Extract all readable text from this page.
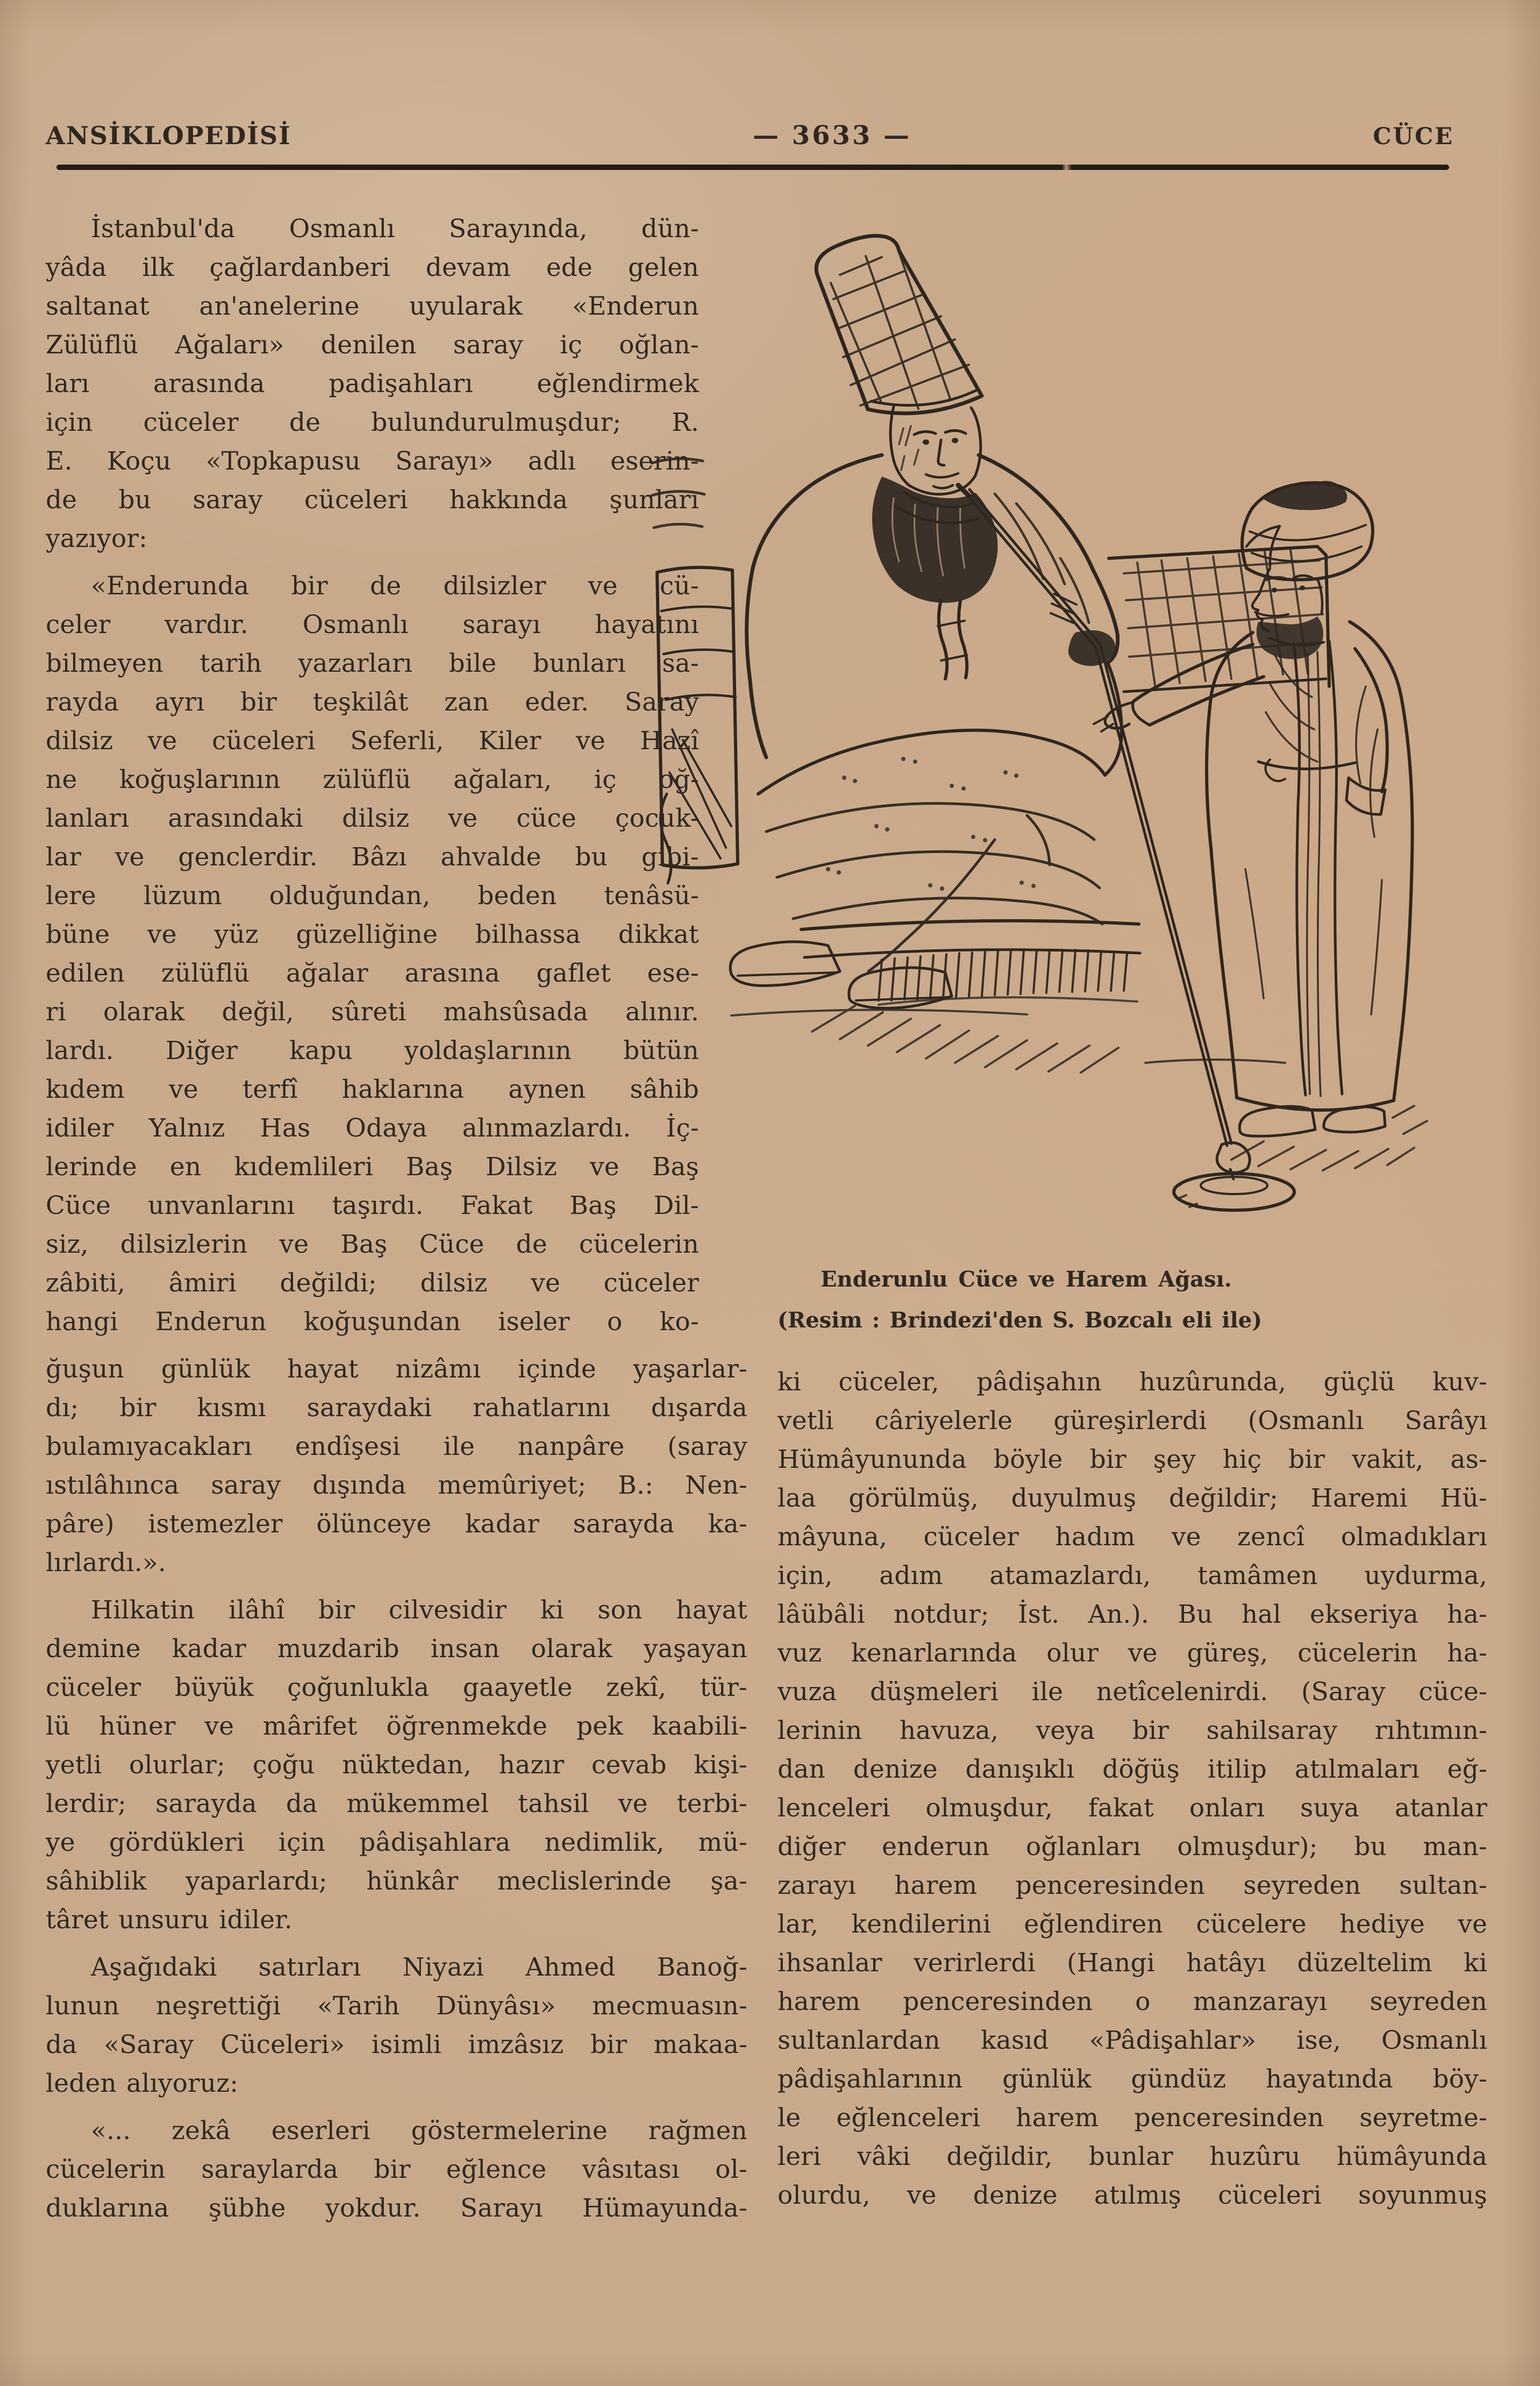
ANSİKLOPEDİSİ	— 3633 —	CÜCE
İstanbul'da Osmanlı Sarayında, dün-
yâda ilk çağlardanberi devam ede gelen
saltanat an'anelerine uyularak «Enderun
Zülüflü Ağaları» denilen saray iç oğlan-
ları arasında padişahları eğlendirmek
için cüceler de bulundurulmuşdur; R.
E. Koçu «Topkapusu Sarayı» adlı eserin-
de bu saray cüceleri hakkında şunları
yazıyor:
«Enderunda bir de dilsizler ve cü-
celer vardır. Osmanlı sarayı hayatını
bilmeyen tarih yazarları bile bunları sa-
rayda ayrı bir teşkilât zan eder. Saray
dilsiz ve cüceleri Seferli, Kiler ve Hazî
ne koğuşlarının zülüflü ağaları, iç oğ-
lanları arasındaki dilsiz ve cüce çocuk-
lar ve genclerdir. Bâzı ahvalde bu gibi-
lere lüzum olduğundan, beden tenâsü-
büne ve yüz güzelliğine bilhassa dikkat
edilen zülüflü ağalar arasına gaflet ese-
ri olarak değil, sûreti mahsûsada alınır.
lardı. Diğer kapu yoldaşlarının bütün
kıdem ve terfî haklarına aynen sâhib
idiler Yalnız Has Odaya alınmazlardı. İç-
lerinde en kıdemlileri Baş Dilsiz ve Baş
Cüce unvanlarını taşırdı. Fakat Baş Dil-
siz, dilsizlerin ve Baş Cüce de cücelerin
zâbiti, âmiri değildi; dilsiz ve cüceler
hangi Enderun koğuşundan iseler o ko-
ğuşun günlük hayat nizâmı içinde yaşarlar-
dı; bir kısmı saraydaki rahatlarını dışarda
bulamıyacakları endîşesi ile nanpâre (saray
ıstılâhınca saray dışında memûriyet; B.: Nen-
pâre) istemezler ölünceye kadar sarayda ka-
lırlardı.».
Hilkatin ilâhî bir cilvesidir ki son hayat
demine kadar muzdarib insan olarak yaşayan
cüceler büyük çoğunlukla gaayetle zekî, tür-
lü hüner ve mârifet öğrenmekde pek kaabili-
yetli olurlar; çoğu nüktedan, hazır cevab kişi-
lerdir; sarayda da mükemmel tahsil ve terbi-
ye gördükleri için pâdişahlara nedimlik, mü-
sâhiblik yaparlardı; hünkâr meclislerinde şa-
târet unsuru idiler.
Aşağıdaki satırları Niyazi Ahmed Banoğ-
lunun neşrettiği «Tarih Dünyâsı» mecmuasın-
da «Saray Cüceleri» isimli imzâsız bir makaa-
leden alıyoruz:
«... zekâ eserleri göstermelerine rağmen
cücelerin saraylarda bir eğlence vâsıtası ol-
duklarına şübhe yokdur. Sarayı Hümayunda-
Enderunlu Cüce ve Harem Ağası.
(Resim : Brindezi'den S. Bozcalı eli ile)
ki cüceler, pâdişahın huzûrunda, güçlü kuv-
vetli câriyelerle güreşirlerdi (Osmanlı Sarâyı
Hümâyununda böyle bir şey hiç bir vakit, as-
laa görülmüş, duyulmuş değildir; Haremi Hü-
mâyuna, cüceler hadım ve zencî olmadıkları
için, adım atamazlardı, tamâmen uydurma,
lâübâli notdur; İst. An.). Bu hal ekseriya ha-
vuz kenarlarında olur ve güreş, cücelerin ha-
vuza düşmeleri ile netîcelenirdi. (Saray cüce-
lerinin havuza, veya bir sahilsaray rıhtımın-
dan denize danışıklı döğüş itilip atılmaları eğ-
lenceleri olmuşdur, fakat onları suya atanlar
diğer enderun oğlanları olmuşdur); bu man-
zarayı harem penceresinden seyreden sultan-
lar, kendilerini eğlendiren cücelere hediye ve
ihsanlar verirlerdi (Hangi hatâyı düzeltelim ki
harem penceresinden o manzarayı seyreden
sultanlardan kasıd «Pâdişahlar» ise, Osmanlı
pâdişahlarının günlük gündüz hayatında böy-
le eğlenceleri harem penceresinden seyretme-
leri vâki değildir, bunlar huzûru hümâyunda
olurdu, ve denize atılmış cüceleri soyunmuş
